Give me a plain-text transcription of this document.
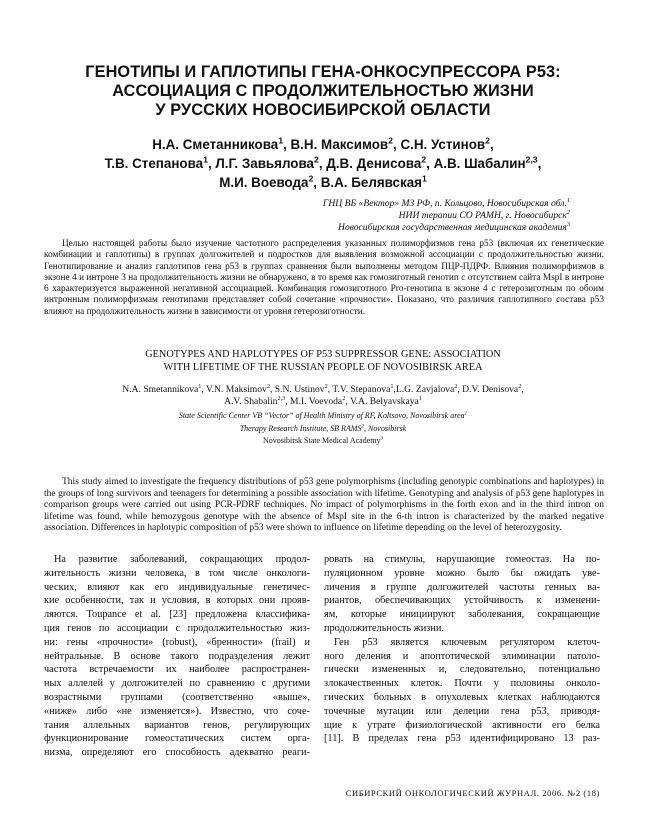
ГЕНОТИПЫ И ГАПЛОТИПЫ ГЕНА-ОНКОСУПРЕССОРА P53:
АССОЦИАЦИЯ С ПРОДОЛЖИТЕЛЬНОСТЬЮ ЖИЗНИ
У РУССКИХ НОВОСИБИРСКОЙ ОБЛАСТИ
Н.А. Сметанникова$^1$, В.Н. Максимов$^2$, С.Н. Устинов$^2$,
Т.В. Степанова$^1$, Л.Г. Завьялова$^2$, Д.В. Денисова$^2$, А.В. Шабалин$^{2,3}$,
М.И. Воевода$^2$, В.А. Белявская$^1$
ГНЦ ВБ «Вектор» МЗ РФ, п. Кольцово, Новосибирская обл.$^1$
НИИ терапии СО РАМН, г. Новосибирск$^2$
Новосибирская государственная медицинская академия$^3$
Целью настоящей работы было изучение частотного распределения указанных полиморфизмов гена p53 (включая их генетические комбинации и гаплотипы) в группах долгожителей и подростков для выявления возможной ассоциации с продолжительностью жизни. Генотипирование и анализ гаплотипов гена p53 в группах сравнения были выполнены методом ПЦР-ПДРФ. Влияния полиморфизмов в экзоне 4 и интроне 3 на продолжительность жизни не обнаружено, в то время как гомозиготный генотип с отсутствием сайта MspI в интроне 6 характеризуется выраженной негативной ассоциацией. Комбинация гомозиготного Pro-генотипа в экзоне 4 с гетерозиготным по обоим интронным полиморфизмам генотипами представляет собой сочетание «прочности». Показано, что различия гаплотипного состава p53 влияют на продолжительность жизни в зависимости от уровня гетерозиготности.
GENOTYPES AND HAPLOTYPES OF P53 SUPPRESSOR GENE: ASSOCIATION
WITH LIFETIME OF THE RUSSIAN PEOPLE OF NOVOSIBIRSK AREA
N.A. Smetannikova$^1$, V.N. Maksimov$^2$, S.N. Ustinov$^2$, T.V. Stepanova$^1$,L.G. Zavjalova$^2$, D.V. Denisova$^2$,
A.V. Shabalin$^{2,3}$, M.I. Voevoda$^2$, V.A. Belyavskaya$^1$
State Scientific Center VB “Vector” of Health Ministry of RF, Koltsovo, Novosibirsk area$^1$
Therapy Research Institute, SB RAMS$^2$, Novosibirsk
Novosibirsk State Medical Academy$^3$
This study aimed to investigate the frequency distributions of p53 gene polymorphisms (including genotypic combinations and haplotypes) in the groups of long survivors and teenagers for determining a possible association with lifetime. Genotyping and analysis of p53 gene haplotypes in comparison groups were carried out using PCR-PDRF techniques. No impact of polymorphisms in the forth exon and in the third intron on lifetime was found, while hemozygous genotype with the absence of MspI site in the 6-th intron is characterized by the marked negative association. Differences in haplotypic composition of p53 were shown to influence on lifetime depending on the level of heterozygosity.
На развитие заболеваний, сокращающих продол-
жительность жизни человека, в том числе онкологи-
ческих, влияют как его индивидуальные генетичес-
кие особенности, так и условия, в которых они прояв-
ляются. Toupance et al. [23] предложена классифика-
ция генов по ассоциации с продолжительностью жиз-
ни: гены «прочности» (robust), «бренности» (frail) и
нейтральные. В основе такого подразделения лежит
частота встречаемости их наиболее распространен-
ных аллелей у долгожителей по сравнению с другими
возрастными группами (соответственно «выше»,
«ниже» либо «не изменяется»). Известно, что соче-
тания аллельных вариантов генов, регулирующих
функционирование гомеостатических систем орга-
низма, определяют его способность адекватно реаги-
ровать на стимулы, нарушающие гомеостаз. На по-
пуляционном уровне можно было бы ожидать уве-
личения в группе долгожителей частоты генных ва-
риантов, обеспечивающих устойчивость к изменени-
ям, которые инициируют заболевания, сокращающие
продолжительность жизни.
Ген p53 является ключевым регулятором клеточ-
ного деления и апоптотической элиминации патоло-
гически измененных и, следовательно, потенциально
злокачественных клеток. Почти у половины онколо-
гических больных в опухолевых клетках наблюдаются
точечные мутации или делеции гена p53, приводя-
щие к утрате физиологической активности его белка
[11]. В пределах гена p53 идентифицировано 13 раз-
СИБИРСКИЙ ОНКОЛОГИЧЕСКИЙ ЖУРНАЛ. 2006. №2 (18)
